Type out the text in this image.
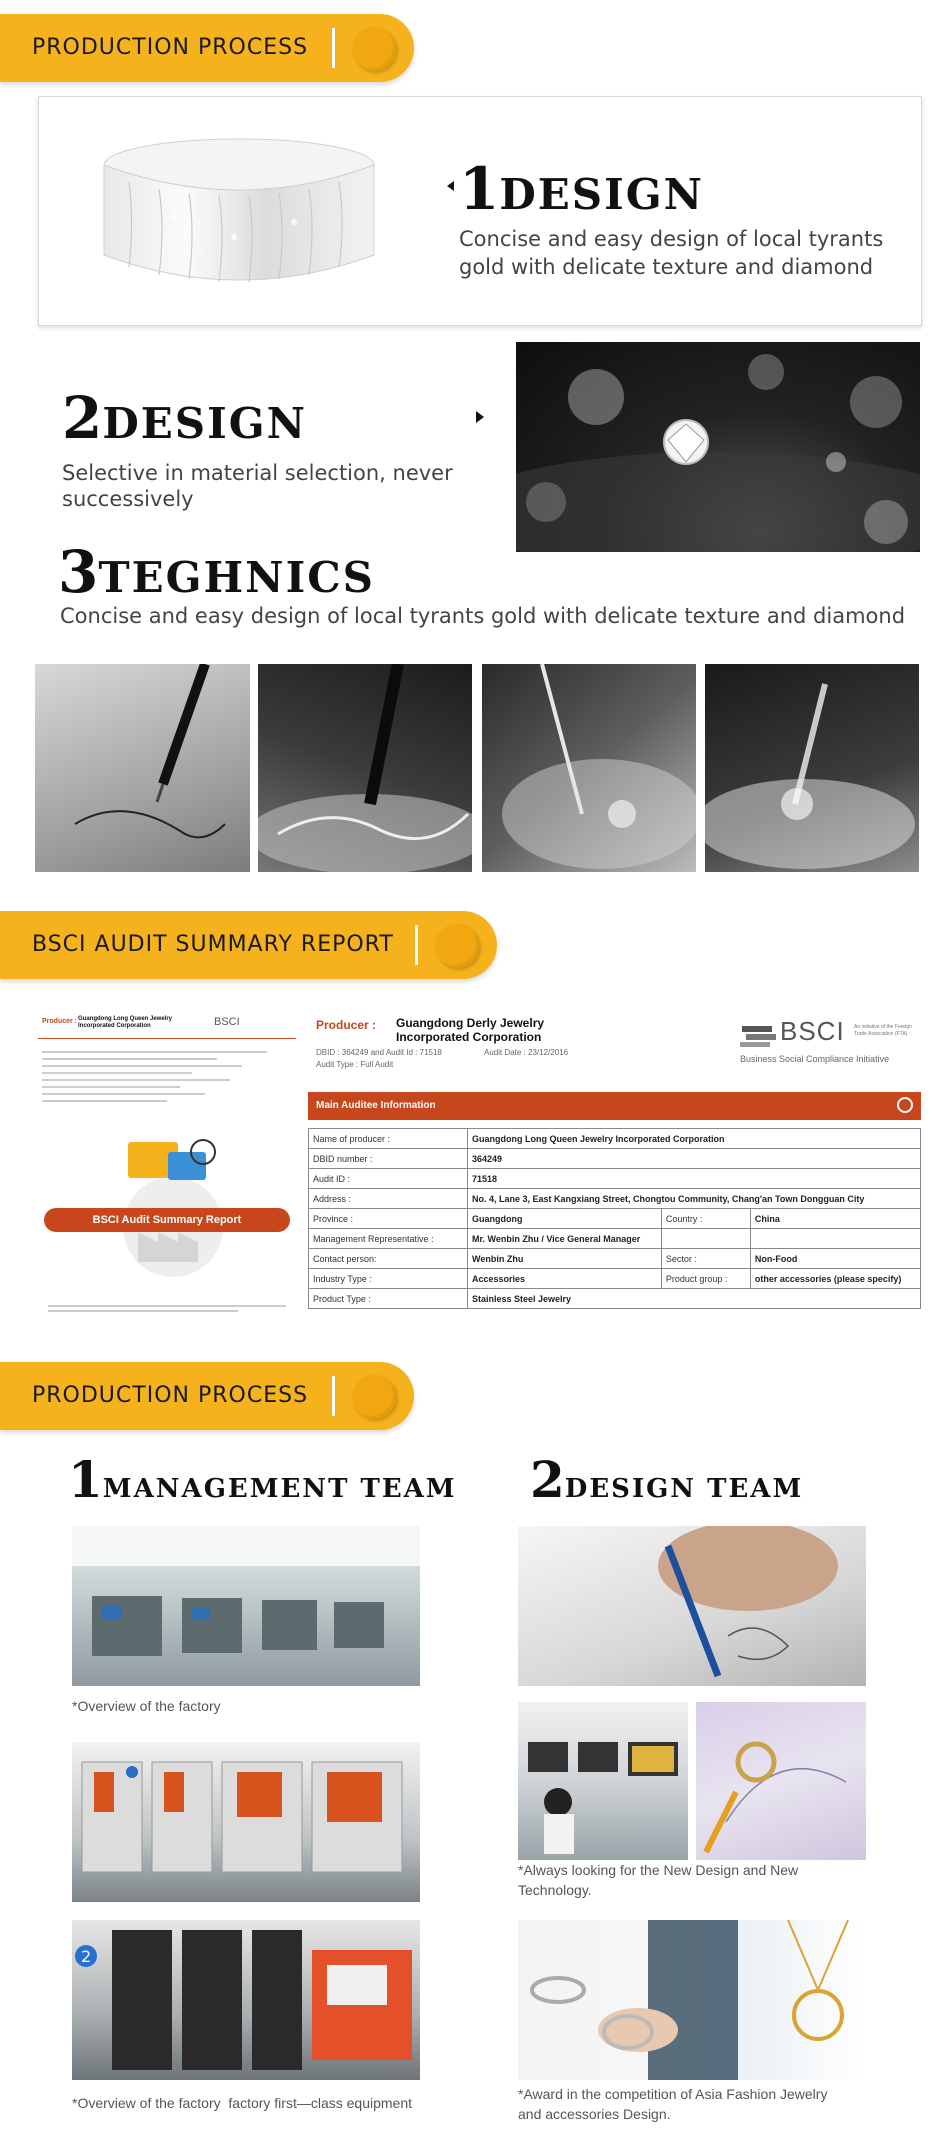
PRODUCTION PROCESS
1DESIGN
Concise and easy design of local tyrants
gold with delicate texture and diamond
2DESIGN
Selective in material selection, never
successively
3TEGHNICS
Concise and easy design of local tyrants gold with delicate texture and diamond
BSCI AUDIT SUMMARY REPORT
Producer : Guangdong Long Queen Jewelry Incorporated Corporation	BSCI
BSCI Audit Summary Report
Producer : Guangdong Derly Jewelry
Incorporated Corporation
DBID : 364249 and Audit Id : 71518	Audit Date : 23/12/2016
Audit Type : Full Audit
BSCI An initiative of the Foreign Trade Association (FTA)
Business Social Compliance Initiative
Main Auditee Information
Name of producer :	Guangdong Long Queen Jewelry Incorporated Corporation		
DBID number :	364249		
Audit ID :	71518		
Address :	No. 4, Lane 3, East Kangxiang Street, Chongtou Community, Chang'an Town Dongguan City		
Province :	Guangdong	Country :	China
Management Representative :	Mr. Wenbin Zhu / Vice General Manager		
Contact person:	Wenbin Zhu	Sector :	Non-Food
Industry Type :	Accessories	Product group :	other accessories (please specify)
Product Type :	Stainless Steel Jewelry		
PRODUCTION PROCESS
1MANAGEMENT TEAM 2DESIGN TEAM
*Overview of the factory
2
*Overview of the factory  factory first—class equipment
*Always looking for the New Design and New
Technology.
*Award in the competition of Asia Fashion Jewelry
and accessories Design.
